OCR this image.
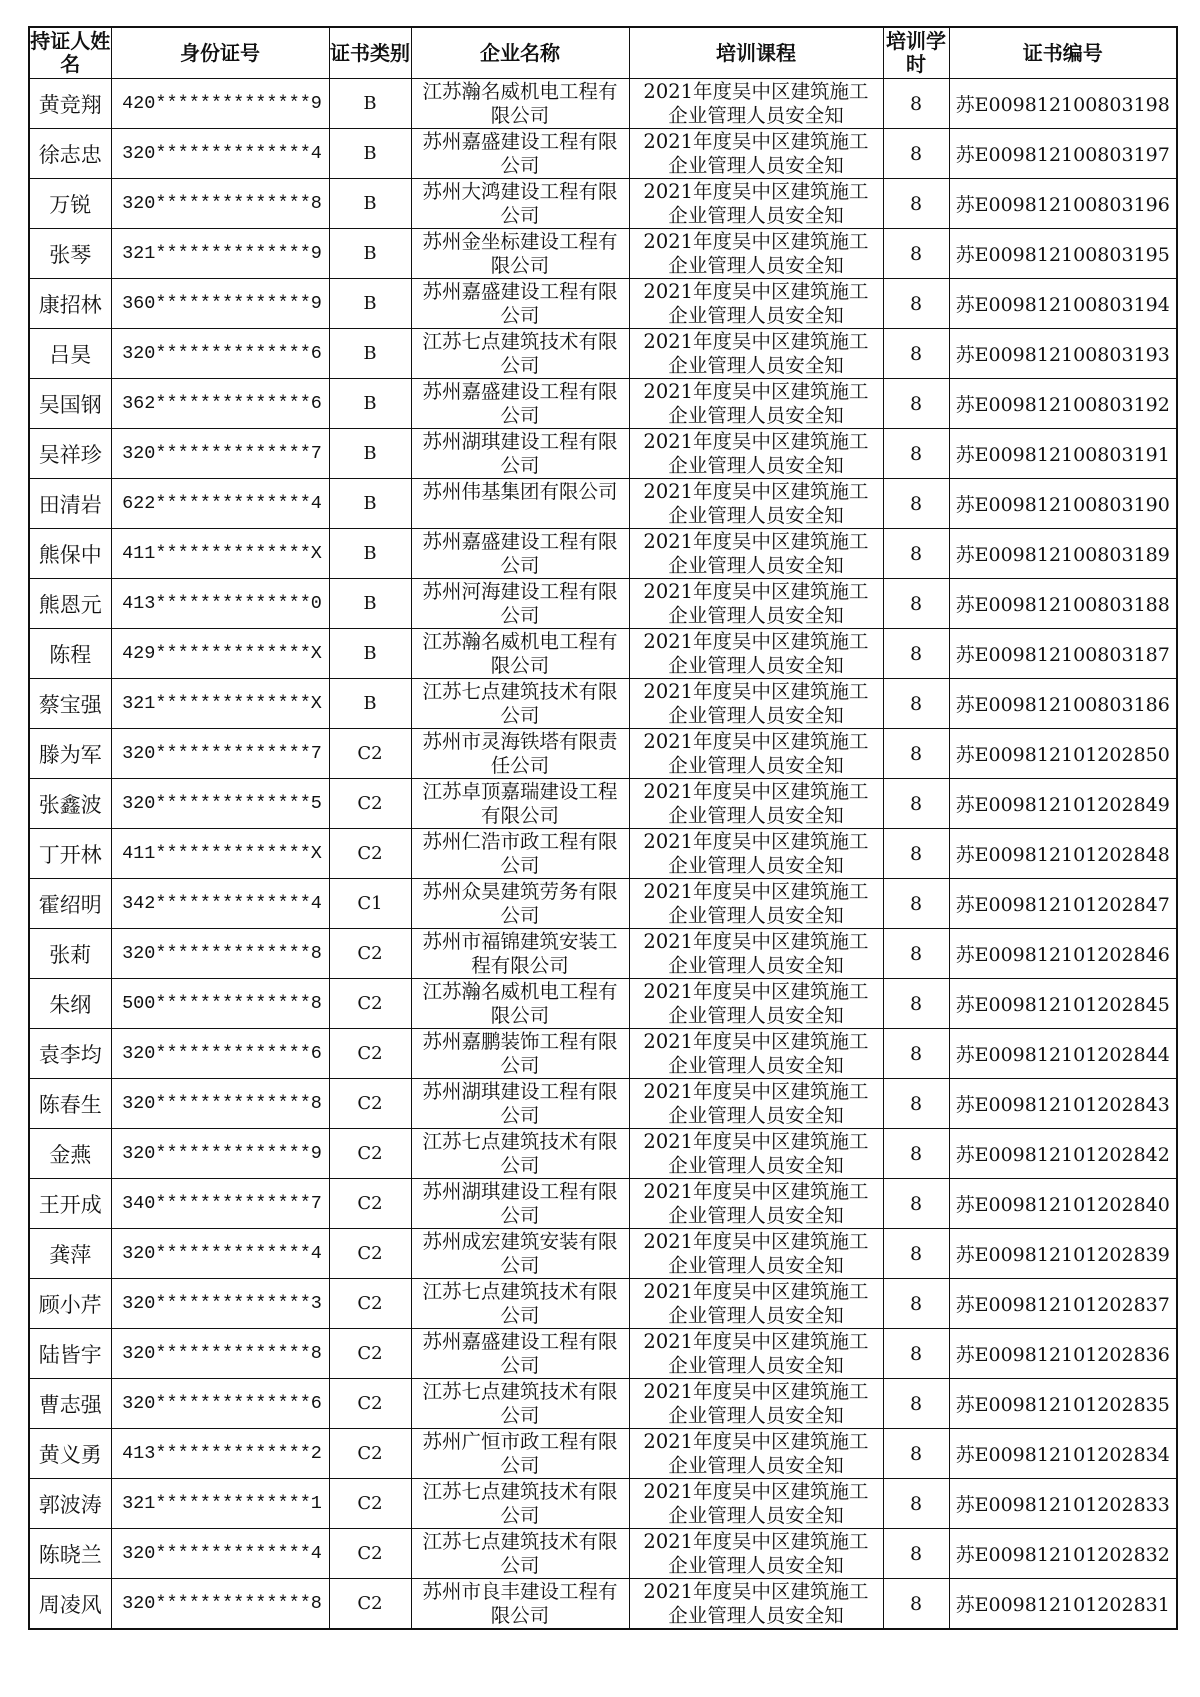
持证人姓名	身份证号	证书类别	企业名称	培训课程	培训学时	证书编号
黄竞翔	420**************9	B	江苏瀚名威机电工程有限公司	2021年度吴中区建筑施工企业管理人员安全知	8	苏E009812100803198
徐志忠	320**************4	B	苏州嘉盛建设工程有限公司	2021年度吴中区建筑施工企业管理人员安全知	8	苏E009812100803197
万锐	320**************8	B	苏州大鸿建设工程有限公司	2021年度吴中区建筑施工企业管理人员安全知	8	苏E009812100803196
张琴	321**************9	B	苏州金坐标建设工程有限公司	2021年度吴中区建筑施工企业管理人员安全知	8	苏E009812100803195
康招林	360**************9	B	苏州嘉盛建设工程有限公司	2021年度吴中区建筑施工企业管理人员安全知	8	苏E009812100803194
吕昊	320**************6	B	江苏七点建筑技术有限公司	2021年度吴中区建筑施工企业管理人员安全知	8	苏E009812100803193
吴国钢	362**************6	B	苏州嘉盛建设工程有限公司	2021年度吴中区建筑施工企业管理人员安全知	8	苏E009812100803192
吴祥珍	320**************7	B	苏州湖琪建设工程有限公司	2021年度吴中区建筑施工企业管理人员安全知	8	苏E009812100803191
田清岩	622**************4	B	苏州伟基集团有限公司	2021年度吴中区建筑施工企业管理人员安全知	8	苏E009812100803190
熊保中	411**************X	B	苏州嘉盛建设工程有限公司	2021年度吴中区建筑施工企业管理人员安全知	8	苏E009812100803189
熊恩元	413**************0	B	苏州河海建设工程有限公司	2021年度吴中区建筑施工企业管理人员安全知	8	苏E009812100803188
陈程	429**************X	B	江苏瀚名威机电工程有限公司	2021年度吴中区建筑施工企业管理人员安全知	8	苏E009812100803187
蔡宝强	321**************X	B	江苏七点建筑技术有限公司	2021年度吴中区建筑施工企业管理人员安全知	8	苏E009812100803186
滕为军	320**************7	C2	苏州市灵海铁塔有限责任公司	2021年度吴中区建筑施工企业管理人员安全知	8	苏E009812101202850
张鑫波	320**************5	C2	江苏卓顶嘉瑞建设工程有限公司	2021年度吴中区建筑施工企业管理人员安全知	8	苏E009812101202849
丁开林	411**************X	C2	苏州仁浩市政工程有限公司	2021年度吴中区建筑施工企业管理人员安全知	8	苏E009812101202848
霍绍明	342**************4	C1	苏州众昊建筑劳务有限公司	2021年度吴中区建筑施工企业管理人员安全知	8	苏E009812101202847
张莉	320**************8	C2	苏州市福锦建筑安装工程有限公司	2021年度吴中区建筑施工企业管理人员安全知	8	苏E009812101202846
朱纲	500**************8	C2	江苏瀚名威机电工程有限公司	2021年度吴中区建筑施工企业管理人员安全知	8	苏E009812101202845
袁李均	320**************6	C2	苏州嘉鹏装饰工程有限公司	2021年度吴中区建筑施工企业管理人员安全知	8	苏E009812101202844
陈春生	320**************8	C2	苏州湖琪建设工程有限公司	2021年度吴中区建筑施工企业管理人员安全知	8	苏E009812101202843
金燕	320**************9	C2	江苏七点建筑技术有限公司	2021年度吴中区建筑施工企业管理人员安全知	8	苏E009812101202842
王开成	340**************7	C2	苏州湖琪建设工程有限公司	2021年度吴中区建筑施工企业管理人员安全知	8	苏E009812101202840
龚萍	320**************4	C2	苏州成宏建筑安装有限公司	2021年度吴中区建筑施工企业管理人员安全知	8	苏E009812101202839
顾小芹	320**************3	C2	江苏七点建筑技术有限公司	2021年度吴中区建筑施工企业管理人员安全知	8	苏E009812101202837
陆皆宇	320**************8	C2	苏州嘉盛建设工程有限公司	2021年度吴中区建筑施工企业管理人员安全知	8	苏E009812101202836
曹志强	320**************6	C2	江苏七点建筑技术有限公司	2021年度吴中区建筑施工企业管理人员安全知	8	苏E009812101202835
黄义勇	413**************2	C2	苏州广恒市政工程有限公司	2021年度吴中区建筑施工企业管理人员安全知	8	苏E009812101202834
郭波涛	321**************1	C2	江苏七点建筑技术有限公司	2021年度吴中区建筑施工企业管理人员安全知	8	苏E009812101202833
陈晓兰	320**************4	C2	江苏七点建筑技术有限公司	2021年度吴中区建筑施工企业管理人员安全知	8	苏E009812101202832
周凌风	320**************8	C2	苏州市良丰建设工程有限公司	2021年度吴中区建筑施工企业管理人员安全知	8	苏E009812101202831
